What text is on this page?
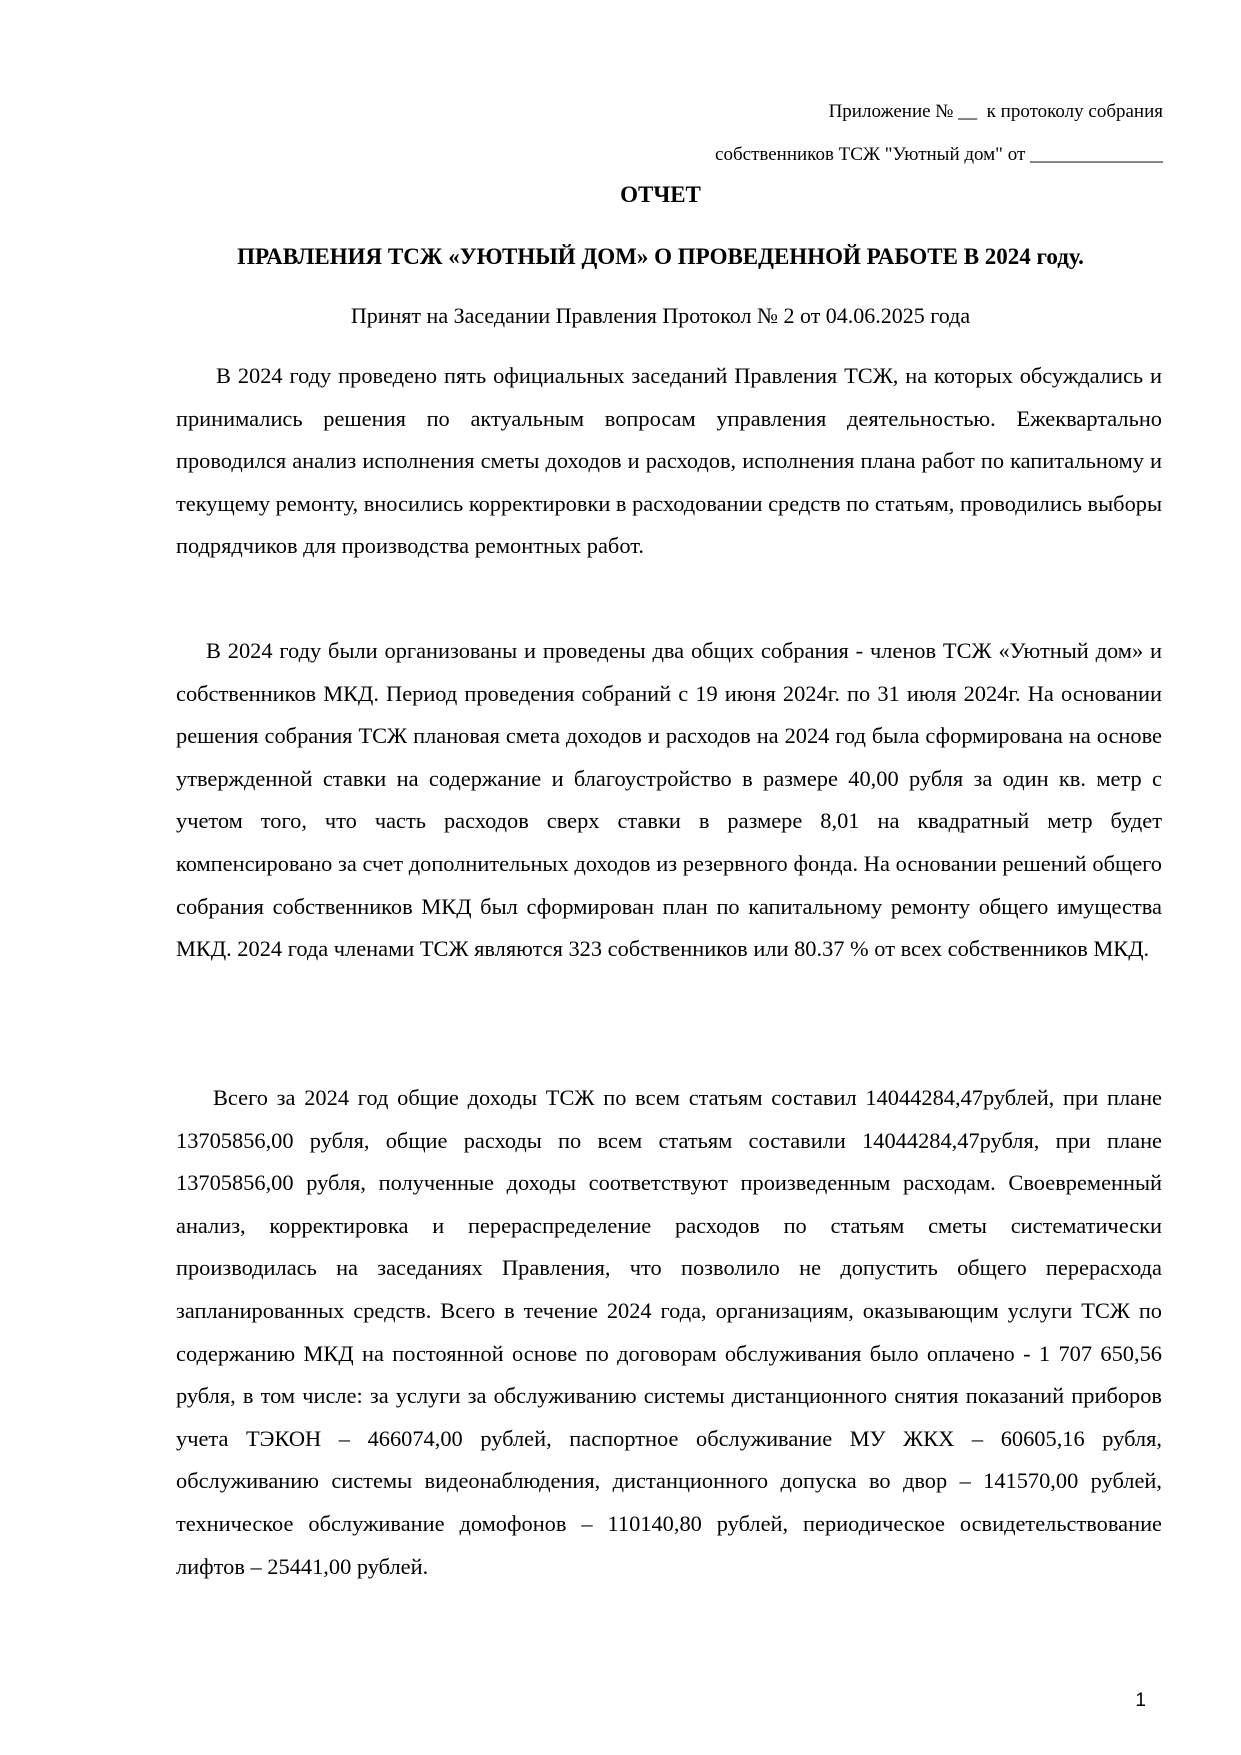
Приложение № __  к протоколу собрания
собственников ТСЖ "Уютный дом" от ______________
ОТЧЕТ
ПРАВЛЕНИЯ ТСЖ «УЮТНЫЙ ДОМ» О ПРОВЕДЕННОЙ РАБОТЕ В 2024 году.
Принят на Заседании Правления Протокол № 2 от 04.06.2025 года

В 2024 году проведено пять официальных заседаний Правления ТСЖ, на которых обсуждались и принимались решения по актуальным вопросам управления деятельностью. Ежеквартально проводился анализ исполнения сметы доходов и расходов, исполнения плана работ по капитальному и текущему ремонту, вносились корректировки в расходовании средств по статьям, проводились выборы подрядчиков для производства ремонтных работ.

В 2024 году были организованы и проведены два общих собрания - членов ТСЖ «Уютный дом» и собственников МКД. Период проведения собраний с 19 июня 2024г. по 31 июля 2024г. На основании решения собрания ТСЖ плановая смета доходов и расходов на 2024 год была сформирована на основе утвержденной ставки на содержание и благоустройство в размере 40,00 рубля за один кв. метр с учетом того, что часть расходов сверх ставки в размере 8,01 на квадратный метр будет компенсировано за счет дополнительных доходов из резервного фонда. На основании решений общего собрания собственников МКД был сформирован план по капитальному ремонту общего имущества МКД. 2024 года членами ТСЖ являются 323 собственников или 80.37 % от всех собственников МКД.

Всего за 2024 год общие доходы ТСЖ по всем статьям составил 14044284,47рублей, при плане 13705856,00 рубля, общие расходы по всем статьям составили 14044284,47рубля, при плане 13705856,00 рубля, полученные доходы соответствуют произведенным расходам. Своевременный анализ, корректировка и перераспределение расходов по статьям сметы систематически производилась на заседаниях Правления, что позволило не допустить общего перерасхода запланированных средств. Всего в течение 2024 года, организациям, оказывающим услуги ТСЖ по содержанию МКД на постоянной основе по договорам обслуживания было оплачено - 1 707 650,56 рубля, в том числе: за услуги за обслуживанию системы дистанционного снятия показаний приборов учета ТЭКОН – 466074,00 рублей, паспортное обслуживание МУ ЖКХ – 60605,16 рубля, обслуживанию системы видеонаблюдения, дистанционного допуска во двор – 141570,00 рублей, техническое обслуживание домофонов – 110140,80 рублей, периодическое освидетельствование лифтов – 25441,00 рублей.

1
